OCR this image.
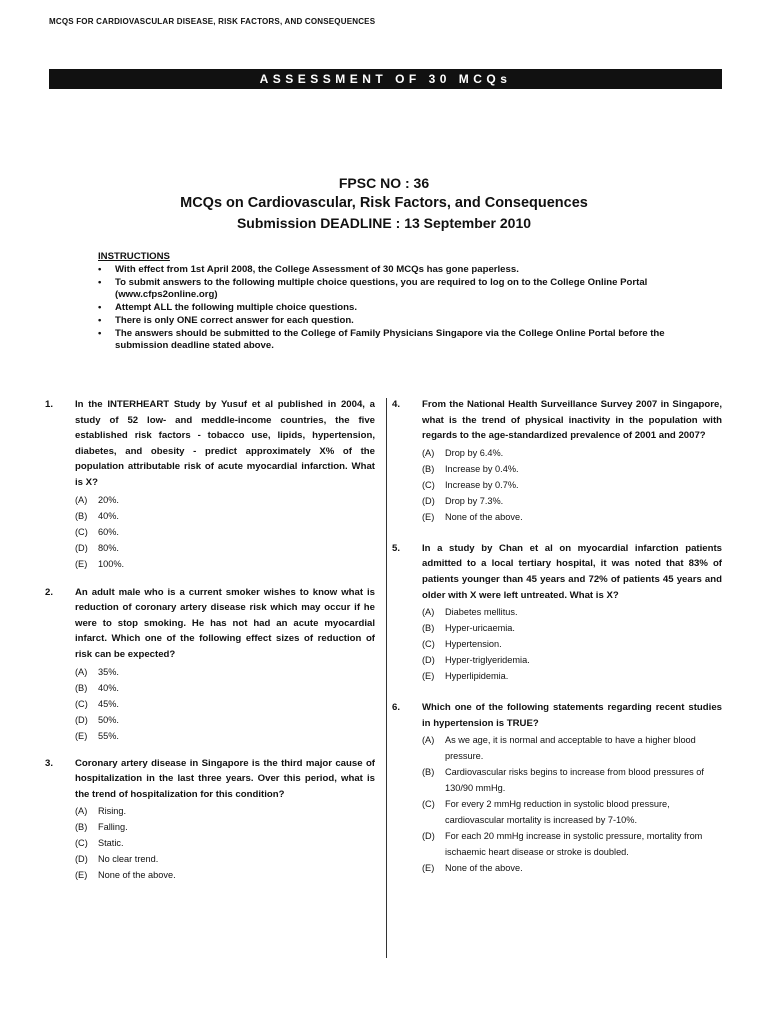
MCQS FOR CARDIOVASCULAR DISEASE, RISK FACTORS, AND CONSEQUENCES
ASSESSMENT OF 30 MCQs
FPSC NO : 36
MCQs on Cardiovascular, Risk Factors, and Consequences
Submission DEADLINE : 13 September 2010
INSTRUCTIONS
• With effect from 1st April 2008, the College Assessment of 30 MCQs has gone paperless.
• To submit answers to the following multiple choice questions, you are required to log on to the College Online Portal (www.cfps2online.org)
• Attempt ALL the following multiple choice questions.
• There is only ONE correct answer for each question.
• The answers should be submitted to the College of Family Physicians Singapore via the College Online Portal before the submission deadline stated above.
1. In the INTERHEART Study by Yusuf et al published in 2004, a study of 52 low- and meddle-income countries, the five established risk factors - tobacco use, lipids, hypertension, diabetes, and obesity - predict approximately X% of the population attributable risk of acute myocardial infarction. What is X?
(A) 20%.
(B) 40%.
(C) 60%.
(D) 80%.
(E) 100%.
2. An adult male who is a current smoker wishes to know what is reduction of coronary artery disease risk which may occur if he were to stop smoking. He has not had an acute myocardial infarct. Which one of the following effect sizes of reduction of risk can be expected?
(A) 35%.
(B) 40%.
(C) 45%.
(D) 50%.
(E) 55%.
3. Coronary artery disease in Singapore is the third major cause of hospitalization in the last three years. Over this period, what is the trend of hospitalization for this condition?
(A) Rising.
(B) Falling.
(C) Static.
(D) No clear trend.
(E) None of the above.
4. From the National Health Surveillance Survey 2007 in Singapore, what is the trend of physical inactivity in the population with regards to the age-standardized prevalence of 2001 and 2007?
(A) Drop by 6.4%.
(B) Increase by 0.4%.
(C) Increase by 0.7%.
(D) Drop by 7.3%.
(E) None of the above.
5. In a study by Chan et al on myocardial infarction patients admitted to a local tertiary hospital, it was noted that 83% of patients younger than 45 years and 72% of patients 45 years and older with X were left untreated. What is X?
(A) Diabetes mellitus.
(B) Hyper-uricaemia.
(C) Hypertension.
(D) Hyper-triglyeridemia.
(E) Hyperlipidemia.
6. Which one of the following statements regarding recent studies in hypertension is TRUE?
(A) As we age, it is normal and acceptable to have a higher blood pressure.
(B) Cardiovascular risks begins to increase from blood pressures of 130/90 mmHg.
(C) For every 2 mmHg reduction in systolic blood pressure, cardiovascular mortality is increased by 7-10%.
(D) For each 20 mmHg increase in systolic pressure, mortality from ischaemic heart disease or stroke is doubled.
(E) None of the above.
